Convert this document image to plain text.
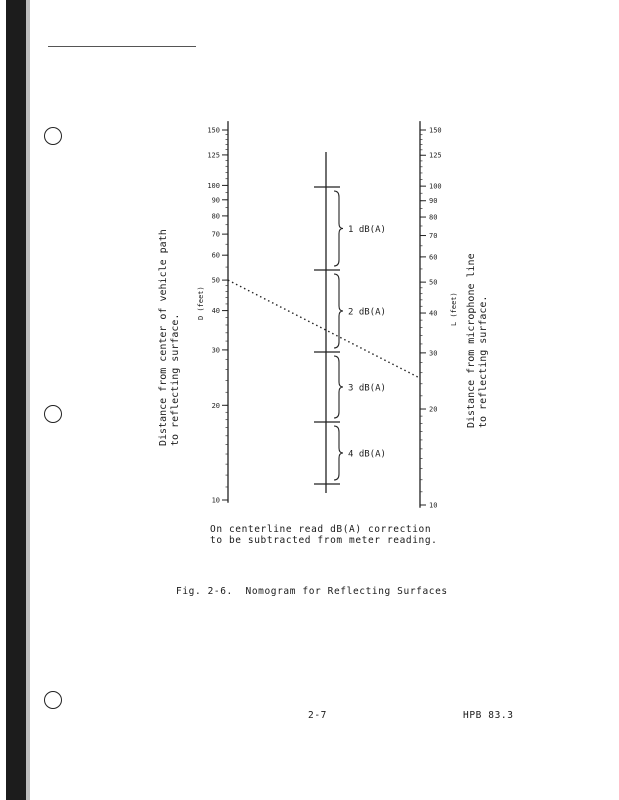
150
125
100
90
80
70
60
50
40
30
20
10
150
125
100
90
80
70
60
50
40
30
20
10
1 dB(A)
2 dB(A)
3 dB(A)
4 dB(A)
Distance from center of vehicle path
to reflecting surface.
D (feet)
Distance from microphone line
to reflecting surface.
L (feet)
On centerline read dB(A) correction
to be subtracted from meter reading.
Fig. 2-6.  Nomogram for Reflecting Surfaces
2-7	HPB 83.3
